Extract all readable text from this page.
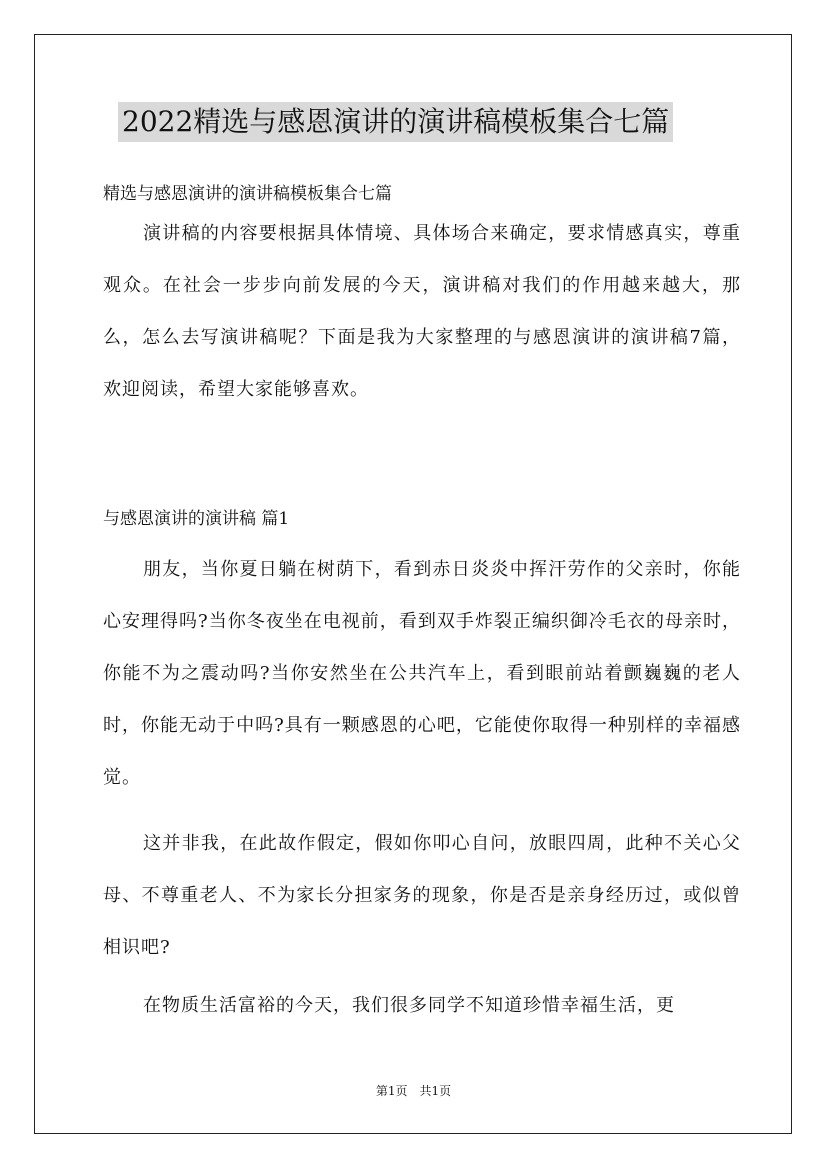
2022精选与感恩演讲的演讲稿模板集合七篇
精选与感恩演讲的演讲稿模板集合七篇
演讲稿的内容要根据具体情境、具体场合来确定，要求情感真实，尊重观众。在社会一步步向前发展的今天，演讲稿对我们的作用越来越大，那么，怎么去写演讲稿呢？下面是我为大家整理的与感恩演讲的演讲稿7篇，欢迎阅读，希望大家能够喜欢。
与感恩演讲的演讲稿 篇1
朋友，当你夏日躺在树荫下，看到赤日炎炎中挥汗劳作的父亲时，你能心安理得吗?当你冬夜坐在电视前，看到双手炸裂正编织御冷毛衣的母亲时，你能不为之震动吗?当你安然坐在公共汽车上，看到眼前站着颤巍巍的老人时，你能无动于中吗?具有一颗感恩的心吧，它能使你取得一种别样的幸福感觉。
这并非我，在此故作假定，假如你叩心自问，放眼四周，此种不关心父母、不尊重老人、不为家长分担家务的现象，你是否是亲身经历过，或似曾相识吧?
在物质生活富裕的今天，我们很多同学不知道珍惜幸福生活，更
第1页　共1页
